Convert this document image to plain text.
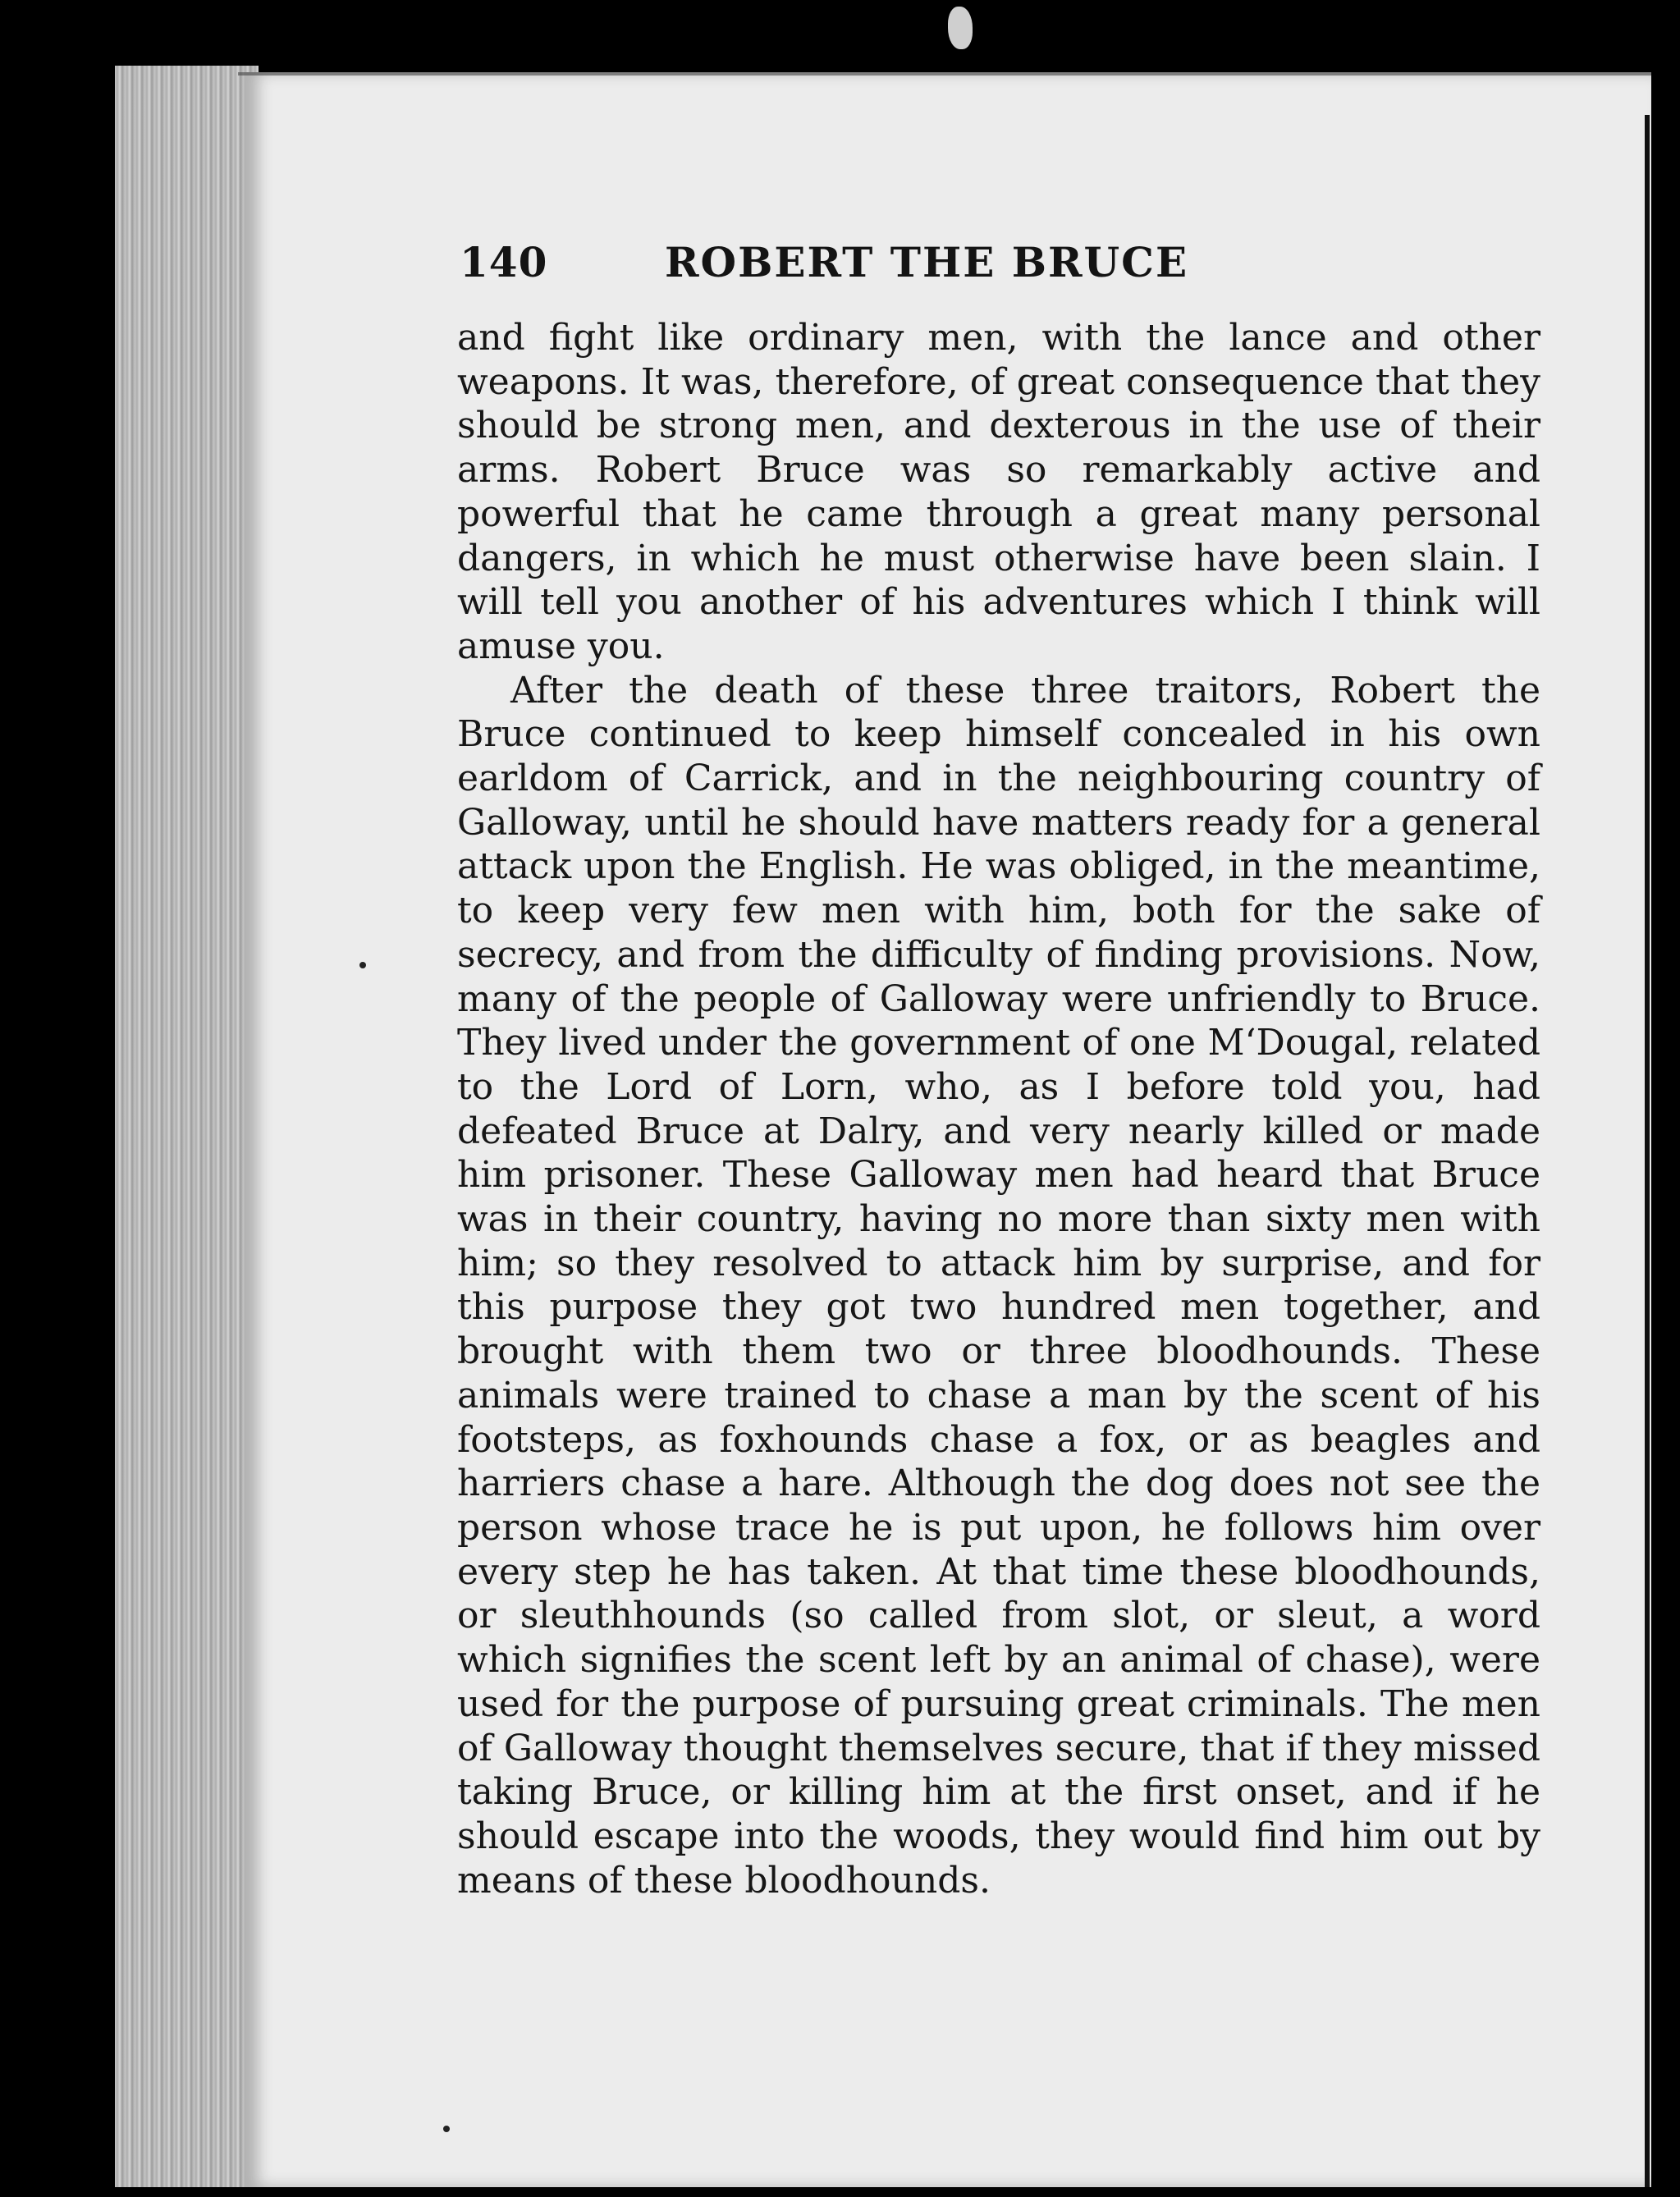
140	ROBERT THE BRUCE

and fight like ordinary men, with the lance and other weapons. It was, therefore, of great consequence that they should be strong men, and dexterous in the use of their arms. Robert Bruce was so remarkably active and powerful that he came through a great many personal dangers, in which he must otherwise have been slain. I will tell you another of his adventures which I think will amuse you.

After the death of these three traitors, Robert the Bruce continued to keep himself concealed in his own earldom of Carrick, and in the neighbouring country of Galloway, until he should have matters ready for a general attack upon the English. He was obliged, in the meantime, to keep very few men with him, both for the sake of secrecy, and from the difficulty of finding provisions. Now, many of the people of Galloway were unfriendly to Bruce. They lived under the government of one M‘Dougal, related to the Lord of Lorn, who, as I before told you, had defeated Bruce at Dalry, and very nearly killed or made him prisoner. These Galloway men had heard that Bruce was in their country, having no more than sixty men with him; so they resolved to attack him by surprise, and for this purpose they got two hundred men together, and brought with them two or three bloodhounds. These animals were trained to chase a man by the scent of his footsteps, as foxhounds chase a fox, or as beagles and harriers chase a hare. Although the dog does not see the person whose trace he is put upon, he follows him over every step he has taken. At that time these bloodhounds, or sleuthhounds (so called from slot, or sleut, a word which signifies the scent left by an animal of chase), were used for the purpose of pursuing great criminals. The men of Galloway thought themselves secure, that if they missed taking Bruce, or killing him at the first onset, and if he should escape into the woods, they would find him out by means of these bloodhounds.
